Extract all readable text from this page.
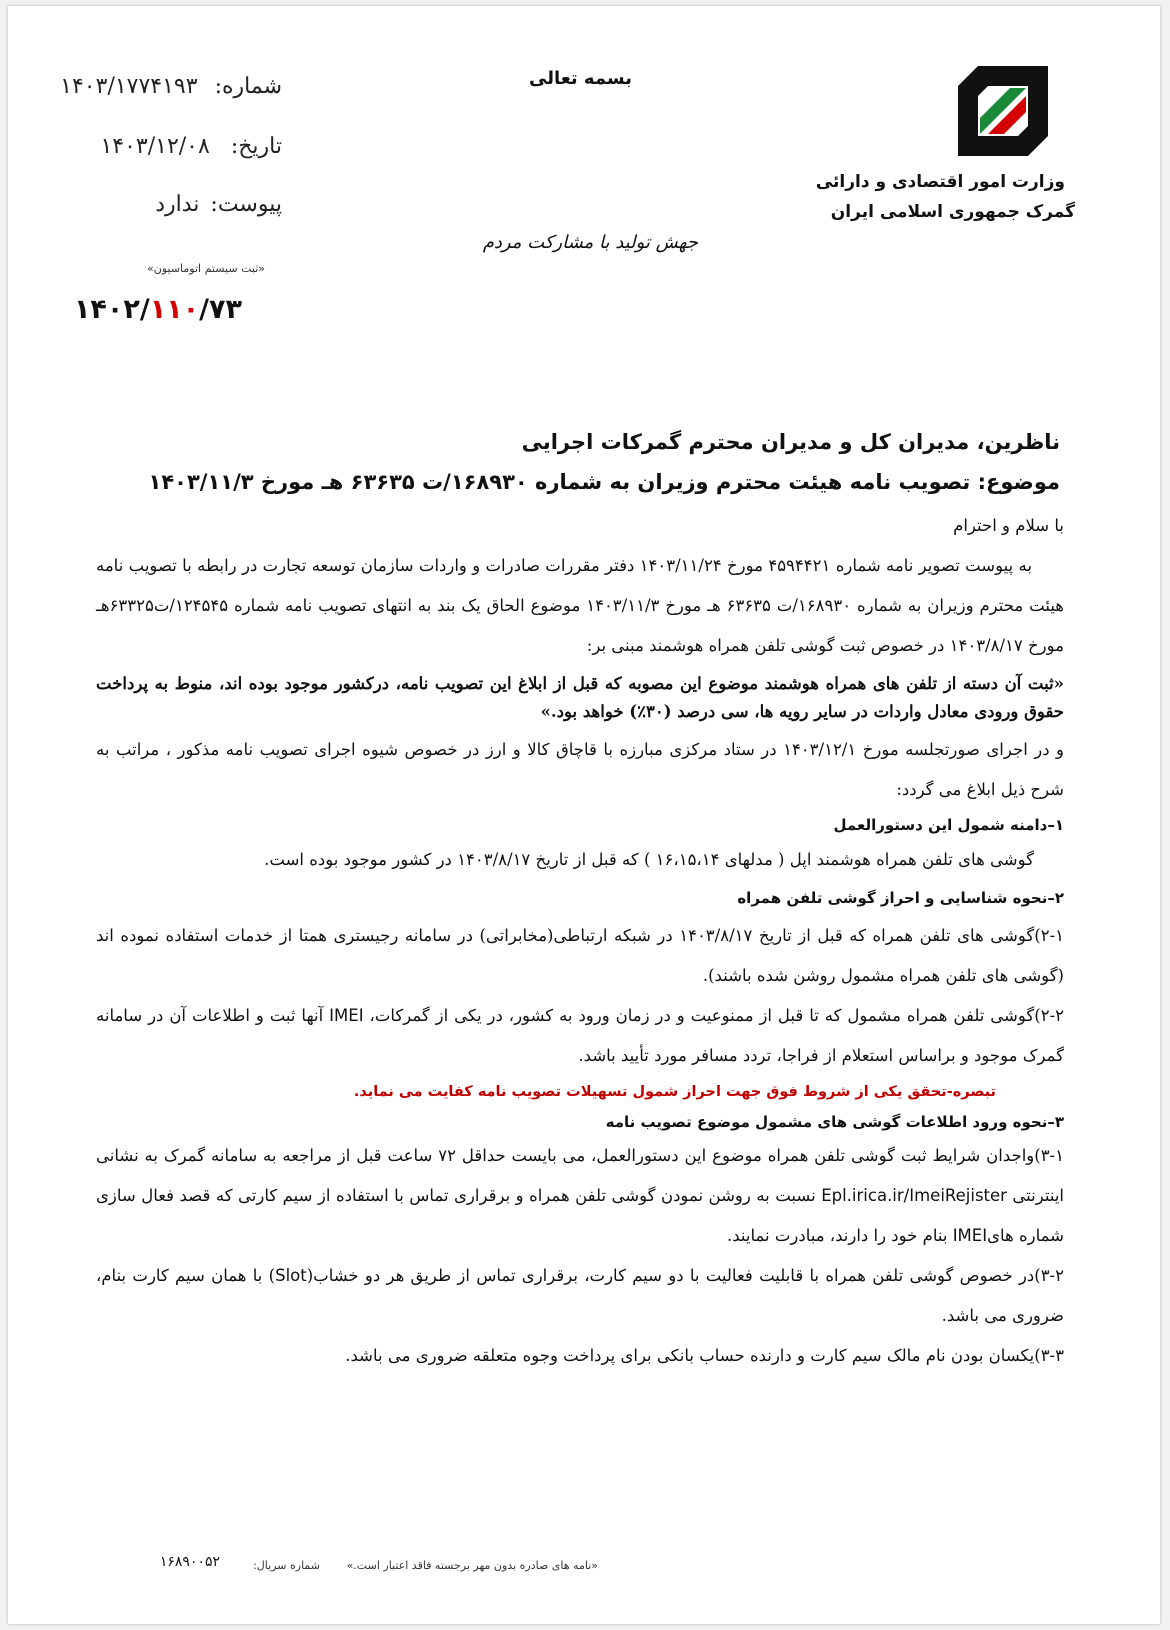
وزارت امور اقتصادی و دارائی
گمرک جمهوری اسلامی ایران
بسمه تعالی
جهش تولید با مشارکت مردم
شماره: ۱۴۰۳/۱۷۷۴۱۹۳
تاریخ: ۱۴۰۳/۱۲/۰۸
پیوست: ندارد
«ثبت سیستم اتوماسیون»
۱۴۰۲/۱۱۰/۷۳
ناظرین، مدیران کل و مدیران محترم گمرکات اجرایی
موضوع: تصویب نامه هیئت محترم وزیران به شماره ۱۶۸۹۳۰/ت ۶۳۶۳۵ هـ مورخ ۱۴۰۳/۱۱/۳

با سلام و احترام

به پیوست تصویر نامه شماره ۴۵۹۴۴۲۱ مورخ ۱۴۰۳/۱۱/۲۴ دفتر مقررات صادرات و واردات سازمان توسعه تجارت در رابطه با تصویب نامه هیئت محترم وزیران به شماره ۱۶۸۹۳۰/ت ۶۳۶۳۵ هـ مورخ ۱۴۰۳/۱۱/۳ موضوع الحاق یک بند به انتهای تصویب نامه شماره ۱۲۴۵۴۵/ت۶۳۳۲۵هـ مورخ ۱۴۰۳/۸/۱۷ در خصوص ثبت گوشی تلفن همراه هوشمند مبنی بر:

«ثبت آن دسته از تلفن های همراه هوشمند موضوع این مصوبه که قبل از ابلاغ این تصویب نامه، درکشور موجود بوده اند، منوط به پرداخت حقوق ورودی معادل واردات در سایر رویه ها، سی درصد (۳۰٪) خواهد بود.»

و در اجرای صورتجلسه مورخ ۱۴۰۳/۱۲/۱ در ستاد مرکزی مبارزه با قاچاق کالا و ارز در خصوص شیوه اجرای تصویب نامه مذکور ، مراتب به شرح ذیل ابلاغ می گردد:

۱–دامنه شمول این دستورالعمل

گوشی های تلفن همراه هوشمند اپل ( مدلهای ۱۶،۱۵،۱۴ ) که قبل از تاریخ ۱۴۰۳/۸/۱۷ در کشور موجود بوده است.

۲–نحوه شناسایی و احراز گوشی تلفن همراه

۲-۱)گوشی های تلفن همراه که قبل از تاریخ ۱۴۰۳/۸/۱۷ در شبکه ارتباطی(مخابراتی) در سامانه رجیستری همتا از خدمات استفاده نموده اند (گوشی های تلفن همراه مشمول روشن شده باشند).

۲-۲)گوشی تلفن همراه مشمول که تا قبل از ممنوعیت و در زمان ورود به کشور، در یکی از گمرکات، IMEI آنها ثبت و اطلاعات آن در سامانه گمرک موجود و براساس استعلام از فراجا، تردد مسافر مورد تأیید باشد.

تبصره-تحقق یکی از شروط فوق جهت احراز شمول تسهیلات تصویب نامه کفایت می نماید.

۳–نحوه ورود اطلاعات گوشی های مشمول موضوع تصویب نامه

۳-۱)واجدان شرایط ثبت گوشی تلفن همراه موضوع این دستورالعمل، می بایست حداقل ۷۲ ساعت قبل از مراجعه به سامانه گمرک به نشانی اینترنتی Epl.irica.ir/ImeiRejister نسبت به روشن نمودن گوشی تلفن همراه و برقراری تماس با استفاده از سیم کارتی که قصد فعال سازی شماره هایIMEI بنام خود را دارند، مبادرت نمایند.

۳-۲)در خصوص گوشی تلفن همراه با قابلیت فعالیت با دو سیم کارت، برقراری تماس از طریق هر دو خشاب(Slot) با همان سیم کارت بنام، ضروری می باشد.

۳-۳)یکسان بودن نام مالک سیم کارت و دارنده حساب بانکی برای پرداخت وجوه متعلقه ضروری می باشد.

«نامه های صادره بدون مهر برجسته فاقد اعتبار است.»
شماره سریال:
۱۶۸۹۰۰۵۲
